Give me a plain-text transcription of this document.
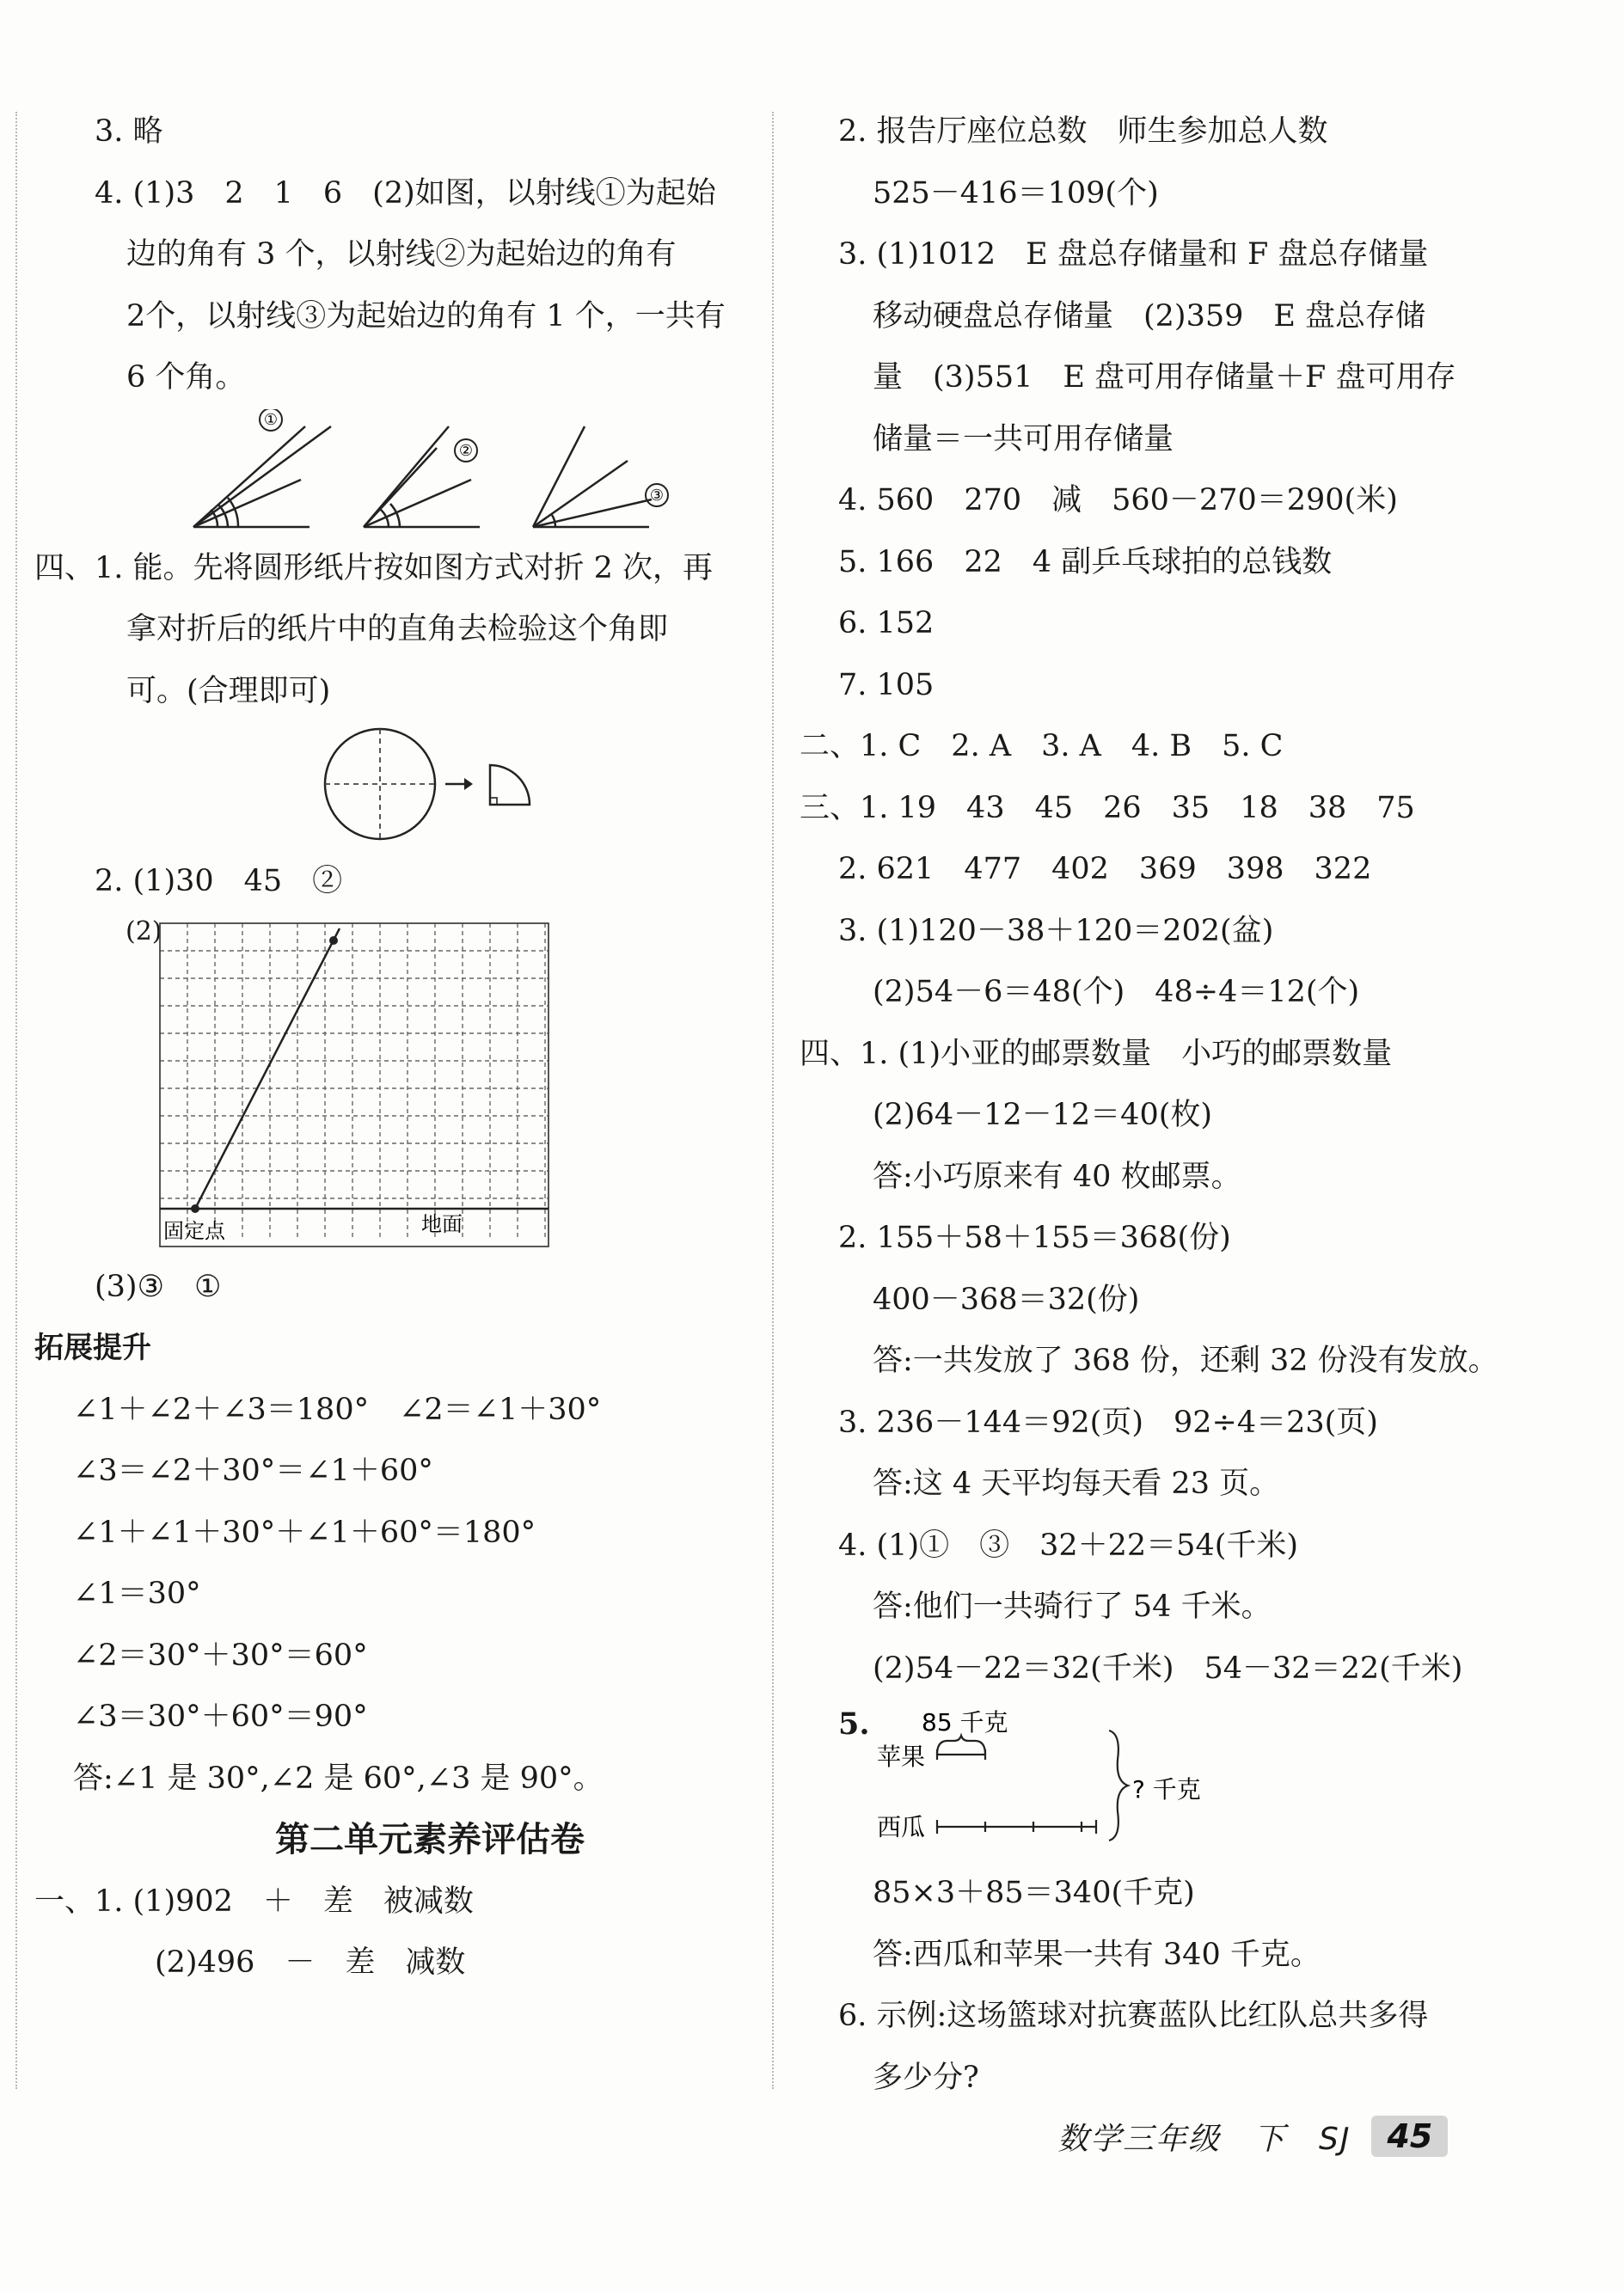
3. 略
4. (1)3　2　1　6　(2)如图，以射线①为起始
边的角有 3 个，以射线②为起始边的角有
2个，以射线③为起始边的角有 1 个，一共有
6 个角。
①
②
③
四、1. 能。先将圆形纸片按如图方式对折 2 次，再
拿对折后的纸片中的直角去检验这个角即
可。(合理即可)
2. (1)30　45　②
(2)
固定点	地面
(3)③　①
拓展提升
∠1＋∠2＋∠3＝180°　∠2＝∠1＋30°
∠3＝∠2＋30°＝∠1＋60°
∠1＋∠1＋30°＋∠1＋60°＝180°
∠1＝30°
∠2＝30°＋30°＝60°
∠3＝30°＋60°＝90°
答:∠1 是 30°,∠2 是 60°,∠3 是 90°。
第二单元素养评估卷
一、1. (1)902　＋　差　被减数
(2)496　－　差　减数
2. 报告厅座位总数　师生参加总人数
525－416＝109(个)
3. (1)1012　E 盘总存储量和 F 盘总存储量
移动硬盘总存储量　(2)359　E 盘总存储
量　(3)551　E 盘可用存储量＋F 盘可用存
储量＝一共可用存储量
4. 560　270　减　560－270＝290(米)
5. 166　22　4 副乒乓球拍的总钱数
6. 152
7. 105
二、1. C　2. A　3. A　4. B　5. C
三、1. 19　43　45　26　35　18　38　75
2. 621　477　402　369　398　322
3. (1)120－38＋120＝202(盆)
(2)54－6＝48(个)　48÷4＝12(个)
四、1. (1)小亚的邮票数量　小巧的邮票数量
(2)64－12－12＝40(枚)
答:小巧原来有 40 枚邮票。
2. 155＋58＋155＝368(份)
400－368＝32(份)
答:一共发放了 368 份，还剩 32 份没有发放。
3. 236－144＝92(页)　92÷4＝23(页)
答:这 4 天平均每天看 23 页。
4. (1)①　③　32＋22＝54(千米)
答:他们一共骑行了 54 千米。
(2)54－22＝32(千米)　54－32＝22(千米)
5. 85 千克
苹果
西瓜
? 千克
85×3＋85＝340(千克)
答:西瓜和苹果一共有 340 千克。
6. 示例:这场篮球对抗赛蓝队比红队总共多得
多少分?
数学三年级　下　SJ	45
